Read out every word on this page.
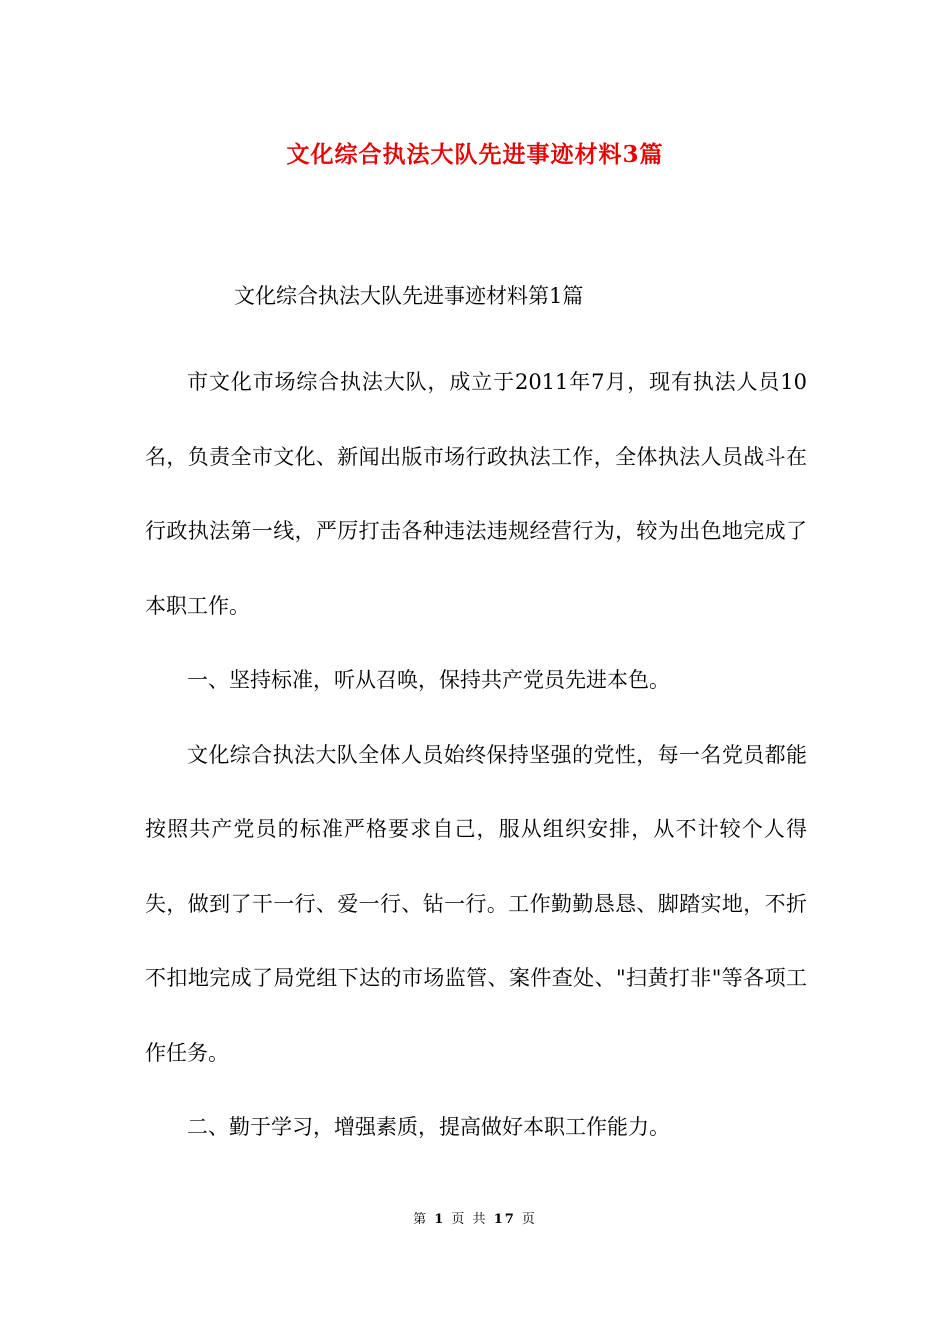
文化综合执法大队先进事迹材料3篇
文化综合执法大队先进事迹材料第1篇

市文化市场综合执法大队，成立于2011年7月，现有执法人员10名，负责全市文化、新闻出版市场行政执法工作，全体执法人员战斗在行政执法第一线，严厉打击各种违法违规经营行为，较为出色地完成了本职工作。

一、坚持标准，听从召唤，保持共产党员先进本色。

文化综合执法大队全体人员始终保持坚强的党性，每一名党员都能按照共产党员的标准严格要求自己，服从组织安排，从不计较个人得失，做到了干一行、爱一行、钻一行。工作勤勤恳恳、脚踏实地，不折不扣地完成了局党组下达的市场监管、案件查处、"扫黄打非"等各项工作任务。

二、勤于学习，增强素质，提高做好本职工作能力。

第 1 页 共 17 页
